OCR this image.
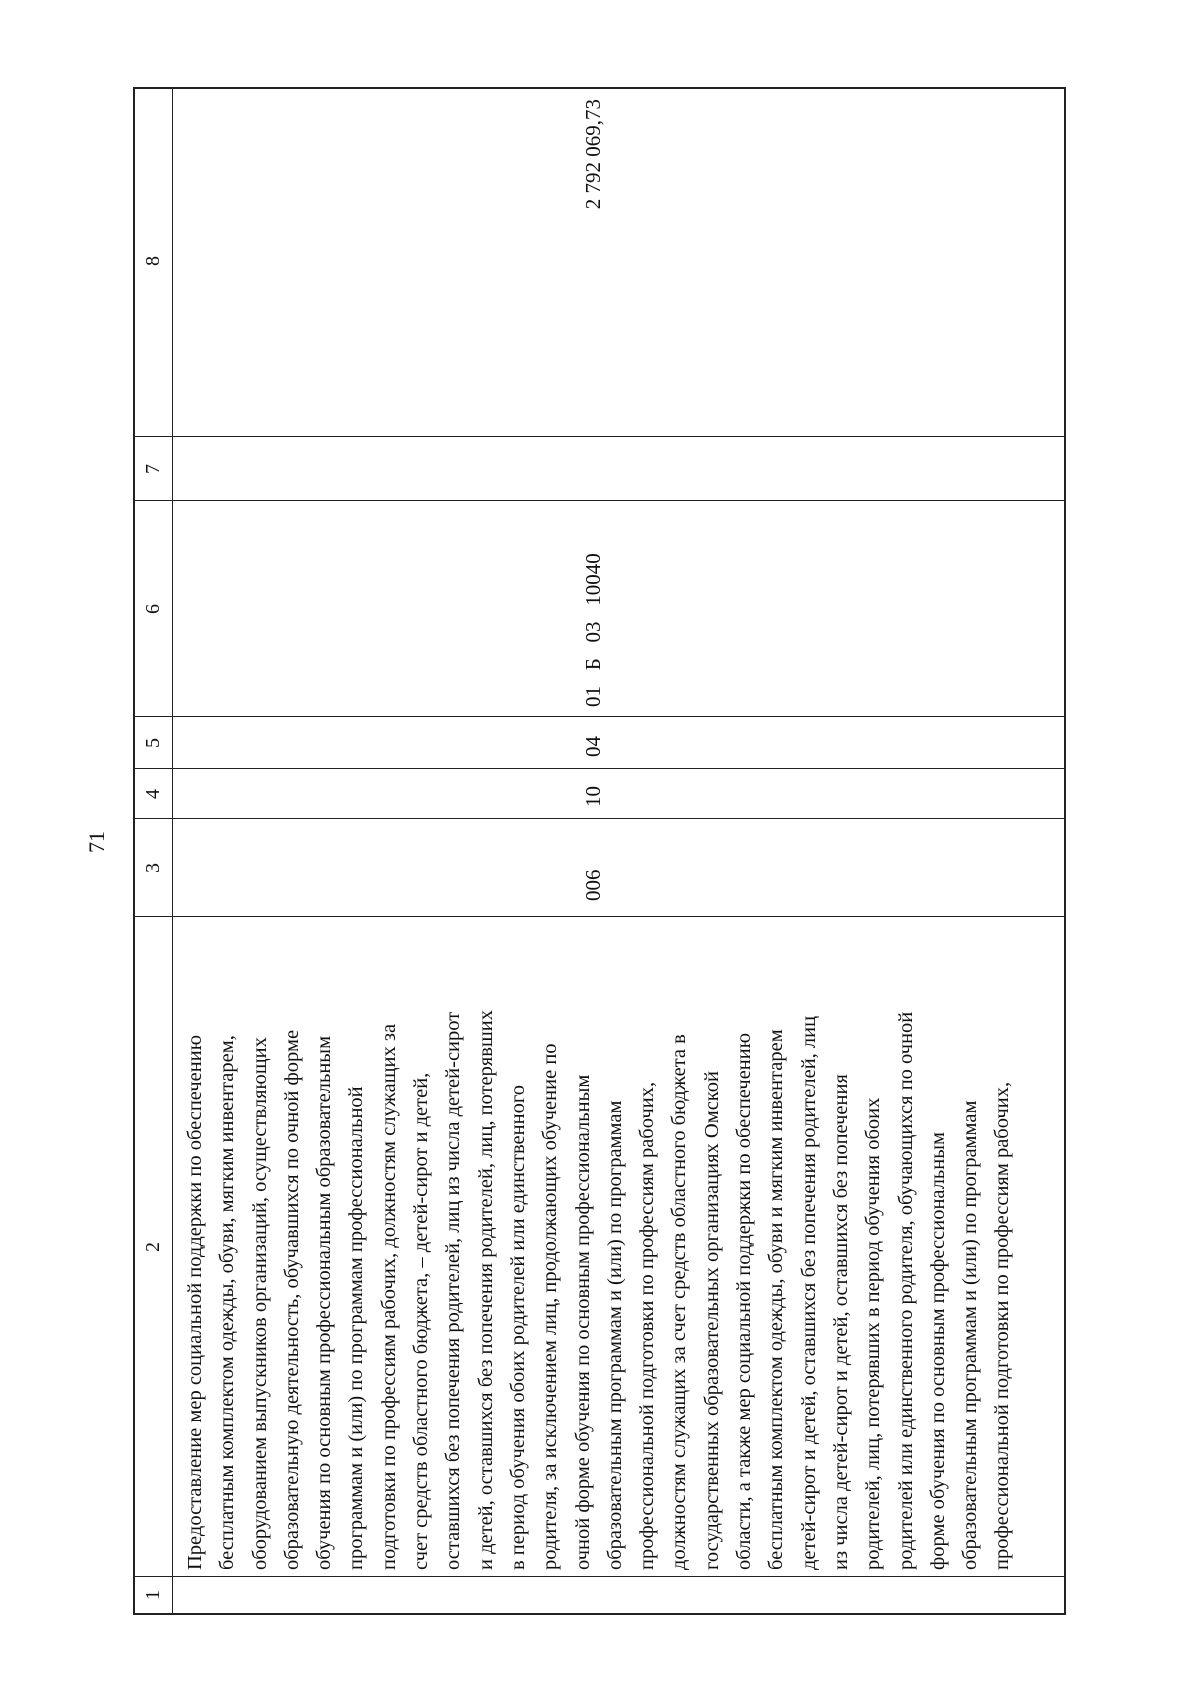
71
1
2
3
4
5
6
7
8
Предоставление мер социальной поддержки по обеспечению бесплатным комплектом одежды, обуви, мягким инвентарем, оборудованием выпускников организаций, осуществляющих образовательную деятельность, обучавшихся по очной форме обучения по основным профессиональным образовательным программам и (или) по программам профессиональной подготовки по профессиям рабочих, должностям служащих за счет средств областного бюджета, – детей-сирот и детей, оставшихся без попечения родителей, лиц из числа детей-сирот и детей, оставшихся без попечения родителей, лиц, потерявших в период обучения обоих родителей или единственного родителя, за исключением лиц, продолжающих обучение по очной форме обучения по основным профессиональным образовательным программам и (или) по программам профессиональной подготовки по профессиям рабочих, должностям служащих за счет средств областного бюджета в государственных образовательных организациях Омской области, а также мер социальной поддержки по обеспечению бесплатным комплектом одежды, обуви и мягким инвентарем детей-сирот и детей, оставшихся без попечения родителей, лиц из числа детей-сирот и детей, оставшихся без попечения родителей, лиц, потерявших в период обучения обоих родителей или единственного родителя, обучающихся по очной форме обучения по основным профессиональным образовательным программам и (или) по программам профессиональной подготовки по профессиям рабочих,
006
10
04
01   Б   03   10040
2 792 069,73
